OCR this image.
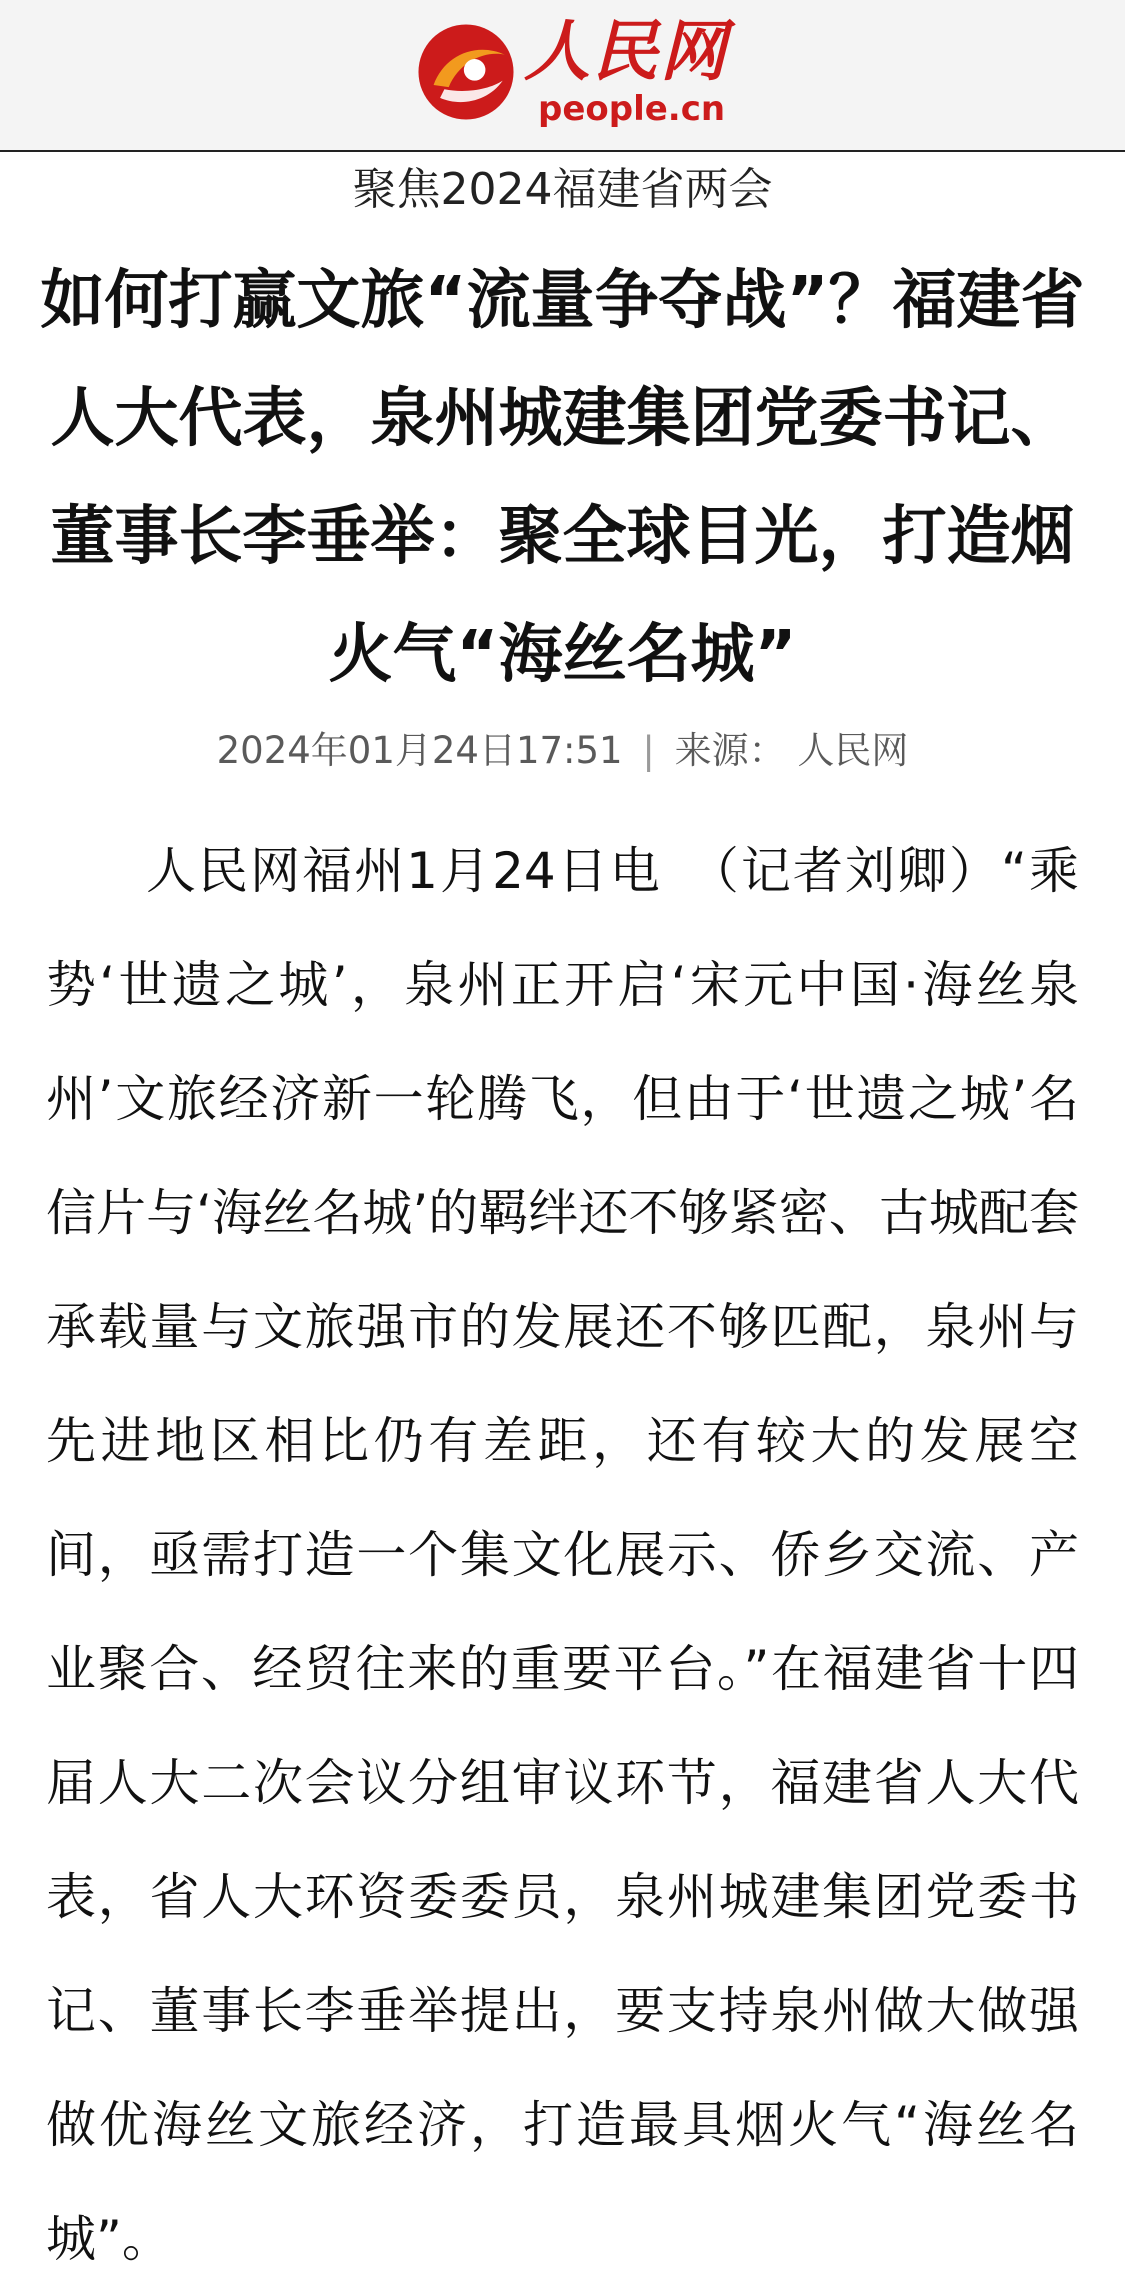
人民网
people.cn
聚焦2024福建省两会
如何打赢文旅“流量争夺战”？福建省人大代表，泉州城建集团党委书记、董事长李垂举：聚全球目光，打造烟火气“海丝名城”
2024年01月24日17:51 | 来源： 人民网

人民网福州1月24日电　（记者刘卿）“乘势‘世遗之城’，泉州正开启‘宋元中国·海丝泉州’文旅经济新一轮腾飞，但由于‘世遗之城’名信片与‘海丝名城’的羁绊还不够紧密、古城配套承载量与文旅强市的发展还不够匹配，泉州与先进地区相比仍有差距，还有较大的发展空间，亟需打造一个集文化展示、侨乡交流、产业聚合、经贸往来的重要平台。”在福建省十四届人大二次会议分组审议环节，福建省人大代表，省人大环资委委员，泉州城建集团党委书记、董事长李垂举提出，要支持泉州做大做强做优海丝文旅经济，打造最具烟火气“海丝名城”。
